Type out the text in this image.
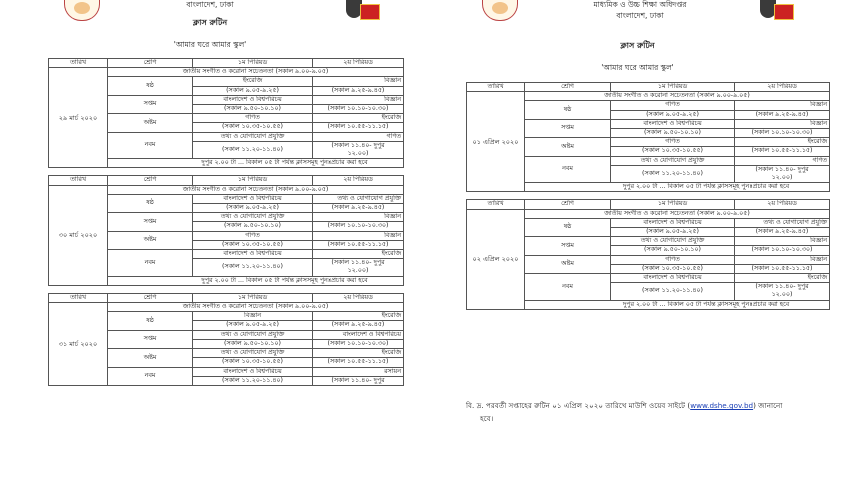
বাংলাদেশ, ঢাকা
ক্লাস রুটিন
'আমার ঘরে আমার স্কুল'
তারিখ	শ্রেণি	১ম পিরিয়ড	২য় পিরিয়ড
২৯ মার্চ ২০২০	জাতীয় সংগীত ও করোনা সচেতনতা (সকাল ৯.০০-৯.০৫)		
	ষষ্ঠ	ইংরেজি	বিজ্ঞান
		(সকাল ৯.০৫-৯.২৫)	(সকাল ৯.২৫-৯.৪৫)
	সপ্তম	বাংলাদেশ ও বিশ্বপরিচয়	বিজ্ঞান
		(সকাল ৯.৫০-১০.১০)	(সকাল ১০.১০-১০.৩০)
	অষ্টম	গণিত	ইংরেজি
		(সকাল ১০.৩৫-১০.৫৫)	(সকাল ১০.৫৫-১১.১৫)
	নবম	তথ্য ও যোগাযোগ প্রযুক্তি	গণিত
		(সকাল ১১.২০-১১.৪০)	(সকাল ১১.৪০- দুপুর
১২.০০)
	দুপুর ২.০০ টা ... বিকাল ০৫ টা পর্যন্ত ক্লাসসমূহ পুনঃপ্রচার করা হবে		

তারিখ	শ্রেণি	১ম পিরিয়ড	২য় পিরিয়ড
৩০ মার্চ ২০২০	জাতীয় সংগীত ও করোনা সচেতনতা (সকাল ৯.০০-৯.০৫)		
	ষষ্ঠ	বাংলাদেশ ও বিশ্বপরিচয়	তথ্য ও যোগাযোগ প্রযুক্তি
		(সকাল ৯.০৫-৯.২৫)	(সকাল ৯.২৫-৯.৪৫)
	সপ্তম	তথ্য ও যোগাযোগ প্রযুক্তি	বিজ্ঞান
		(সকাল ৯.৫০-১০.১০)	(সকাল ১০.১০-১০.৩০)
	অষ্টম	গণিত	বিজ্ঞান
		(সকাল ১০.৩৫-১০.৫৫)	(সকাল ১০.৫৫-১১.১৫)
	নবম	বাংলাদেশ ও বিশ্বপরিচয়	ইংরেজি
		(সকাল ১১.২০-১১.৪০)	(সকাল ১১.৪০- দুপুর
১২.০০)
	দুপুর ২.০০ টা ... বিকাল ০৫ টা পর্যন্ত ক্লাসসমূহ পুনঃপ্রচার করা হবে		

তারিখ	শ্রেণি	১ম পিরিয়ড	২য় পিরিয়ড
৩১ মার্চ ২০২০	জাতীয় সংগীত ও করোনা সচেতনতা (সকাল ৯.০০-৯.০৫)		
	ষষ্ঠ	বিজ্ঞান	ইংরেজি
		(সকাল ৯.০৫-৯.২৫)	(সকাল ৯.২৫-৯.৪৫)
	সপ্তম	তথ্য ও যোগাযোগ প্রযুক্তি	বাংলাদেশ ও বিশ্বপরিচয়
		(সকাল ৯.৫০-১০.১০)	(সকাল ১০.১০-১০.৩০)
	অষ্টম	তথ্য ও যোগাযোগ প্রযুক্তি	ইংরেজি
		(সকাল ১০.৩৫-১০.৫৫)	(সকাল ১০.৫৫-১১.১৫)
	নবম	বাংলাদেশ ও বিশ্বপরিচয়	রসায়ন
		(সকাল ১১.২০-১১.৪০)	(সকাল ১১.৪০- দুপুর
মাধ্যমিক ও উচ্চ শিক্ষা অধিদপ্তর
বাংলাদেশ, ঢাকা
ক্লাস রুটিন
'আমার ঘরে আমার স্কুল'
তারিখ	শ্রেণি	১ম পিরিয়ড	২য় পিরিয়ড
০১ এপ্রিল ২০২০	জাতীয় সংগীত ও করোনা সচেতনতা (সকাল ৯.০০-৯.০৫)		
	ষষ্ঠ	গণিত	বিজ্ঞান
		(সকাল ৯.০৫-৯.২৫)	(সকাল ৯.২৫-৯.৪৫)
	সপ্তম	বাংলাদেশ ও বিশ্বপরিচয়	বিজ্ঞান
		(সকাল ৯.৫০-১০.১০)	(সকাল ১০.১০-১০.৩০)
	অষ্টম	গণিত	ইংরেজি
		(সকাল ১০.৩৫-১০.৫৫)	(সকাল ১০.৫৫-১১.১৫)
	নবম	তথ্য ও যোগাযোগ প্রযুক্তি	গণিত
		(সকাল ১১.২০-১১.৪০)	(সকাল ১১.৪০- দুপুর
১২.০০)
	দুপুর ২.০০ টা ... বিকাল ০৫ টা পর্যন্ত ক্লাসসমূহ পুনঃপ্রচার করা হবে		

তারিখ	শ্রেণি	১ম পিরিয়ড	২য় পিরিয়ড
০২ এপ্রিল ২০২০	জাতীয় সংগীত ও করোনা সচেতনতা (সকাল ৯.০০-৯.০৫)		
	ষষ্ঠ	বাংলাদেশ ও বিশ্বপরিচয়	তথ্য ও যোগাযোগ প্রযুক্তি
		(সকাল ৯.০৫-৯.২৫)	(সকাল ৯.২৫-৯.৪৫)
	সপ্তম	তথ্য ও যোগাযোগ প্রযুক্তি	বিজ্ঞান
		(সকাল ৯.৫০-১০.১০)	(সকাল ১০.১০-১০.৩০)
	অষ্টম	গণিত	বিজ্ঞান
		(সকাল ১০.৩৫-১০.৫৫)	(সকাল ১০.৫৫-১১.১৫)
	নবম	বাংলাদেশ ও বিশ্বপরিচয়	ইংরেজি
		(সকাল ১১.২০-১১.৪০)	(সকাল ১১.৪০- দুপুর
১২.০০)
	দুপুর ২.০০ টা ... বিকাল ০৫ টা পর্যন্ত ক্লাসসমূহ পুনঃপ্রচার করা হবে		
বি. দ্র. পরবর্তী সপ্তাহের রুটিন ০১ এপ্রিল ২০২০ তারিখে মাউশি ওয়েব সাইটে (www.dshe.gov.bd) জানানো
হবে।
